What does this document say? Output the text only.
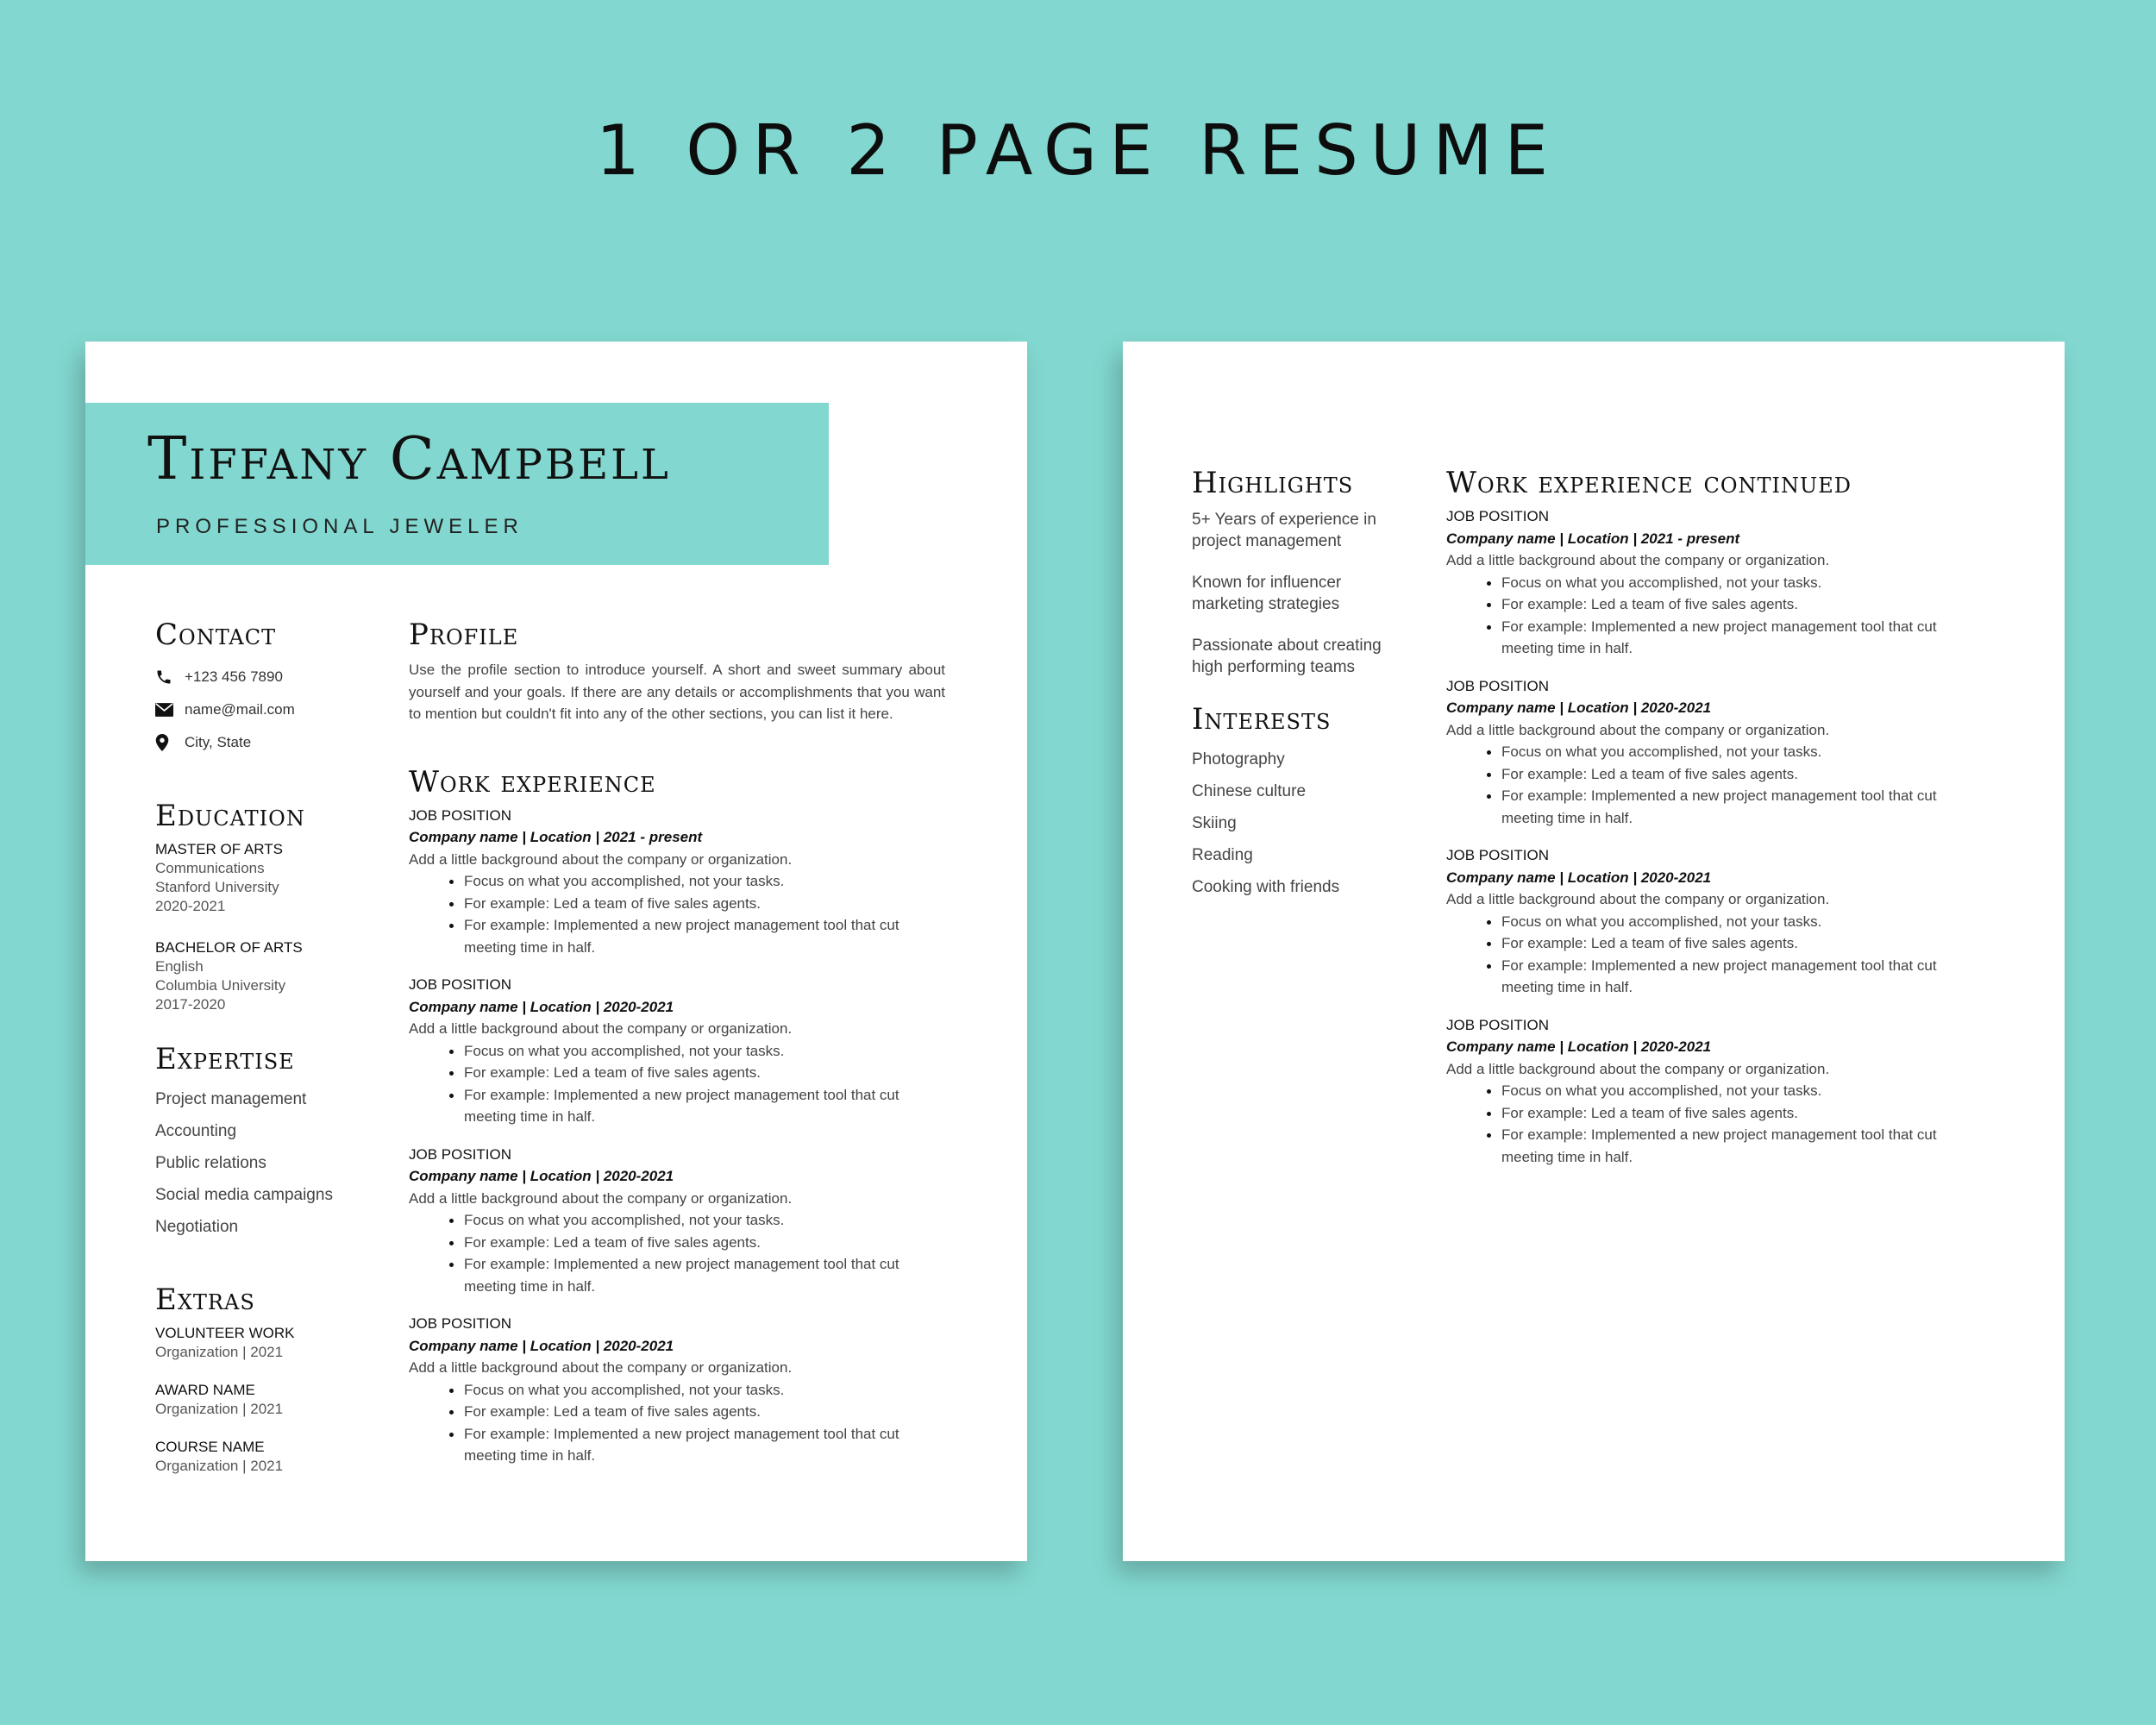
1 OR 2 PAGE RESUME
Tiffany Campbell
PROFESSIONAL JEWELER
Contact
+123 456 7890
name@mail.com
City, State
Education
MASTER OF ARTS
Communications
Stanford University
2020-2021
BACHELOR OF ARTS
English
Columbia University
2017-2020
Expertise
Project management
Accounting
Public relations
Social media campaigns
Negotiation
Extras
VOLUNTEER WORK
Organization | 2021
AWARD NAME
Organization | 2021
COURSE NAME
Organization | 2021
Profile

Use the profile section to introduce yourself. A short and sweet summary about yourself and your goals. If there are any details or accomplishments that you want to mention but couldn't fit into any of the other sections, you can list it here.

Work experience
JOB POSITION
Company name | Location | 2021 - present
Add a little background about the company or organization.
• Focus on what you accomplished, not your tasks.
• For example: Led a team of five sales agents.
• For example: Implemented a new project management tool that cut meeting time in half.
JOB POSITION
Company name | Location | 2020-2021
Add a little background about the company or organization.
• Focus on what you accomplished, not your tasks.
• For example: Led a team of five sales agents.
• For example: Implemented a new project management tool that cut meeting time in half.
JOB POSITION
Company name | Location | 2020-2021
Add a little background about the company or organization.
• Focus on what you accomplished, not your tasks.
• For example: Led a team of five sales agents.
• For example: Implemented a new project management tool that cut meeting time in half.
JOB POSITION
Company name | Location | 2020-2021
Add a little background about the company or organization.
• Focus on what you accomplished, not your tasks.
• For example: Led a team of five sales agents.
• For example: Implemented a new project management tool that cut meeting time in half.
Highlights
5+ Years of experience in project management
Known for influencer marketing strategies
Passionate about creating high performing teams
Interests
Photography
Chinese culture
Skiing
Reading
Cooking with friends
Work experience continued
JOB POSITION
Company name | Location | 2021 - present
Add a little background about the company or organization.
• Focus on what you accomplished, not your tasks.
• For example: Led a team of five sales agents.
• For example: Implemented a new project management tool that cut meeting time in half.
JOB POSITION
Company name | Location | 2020-2021
Add a little background about the company or organization.
• Focus on what you accomplished, not your tasks.
• For example: Led a team of five sales agents.
• For example: Implemented a new project management tool that cut meeting time in half.
JOB POSITION
Company name | Location | 2020-2021
Add a little background about the company or organization.
• Focus on what you accomplished, not your tasks.
• For example: Led a team of five sales agents.
• For example: Implemented a new project management tool that cut meeting time in half.
JOB POSITION
Company name | Location | 2020-2021
Add a little background about the company or organization.
• Focus on what you accomplished, not your tasks.
• For example: Led a team of five sales agents.
• For example: Implemented a new project management tool that cut meeting time in half.
